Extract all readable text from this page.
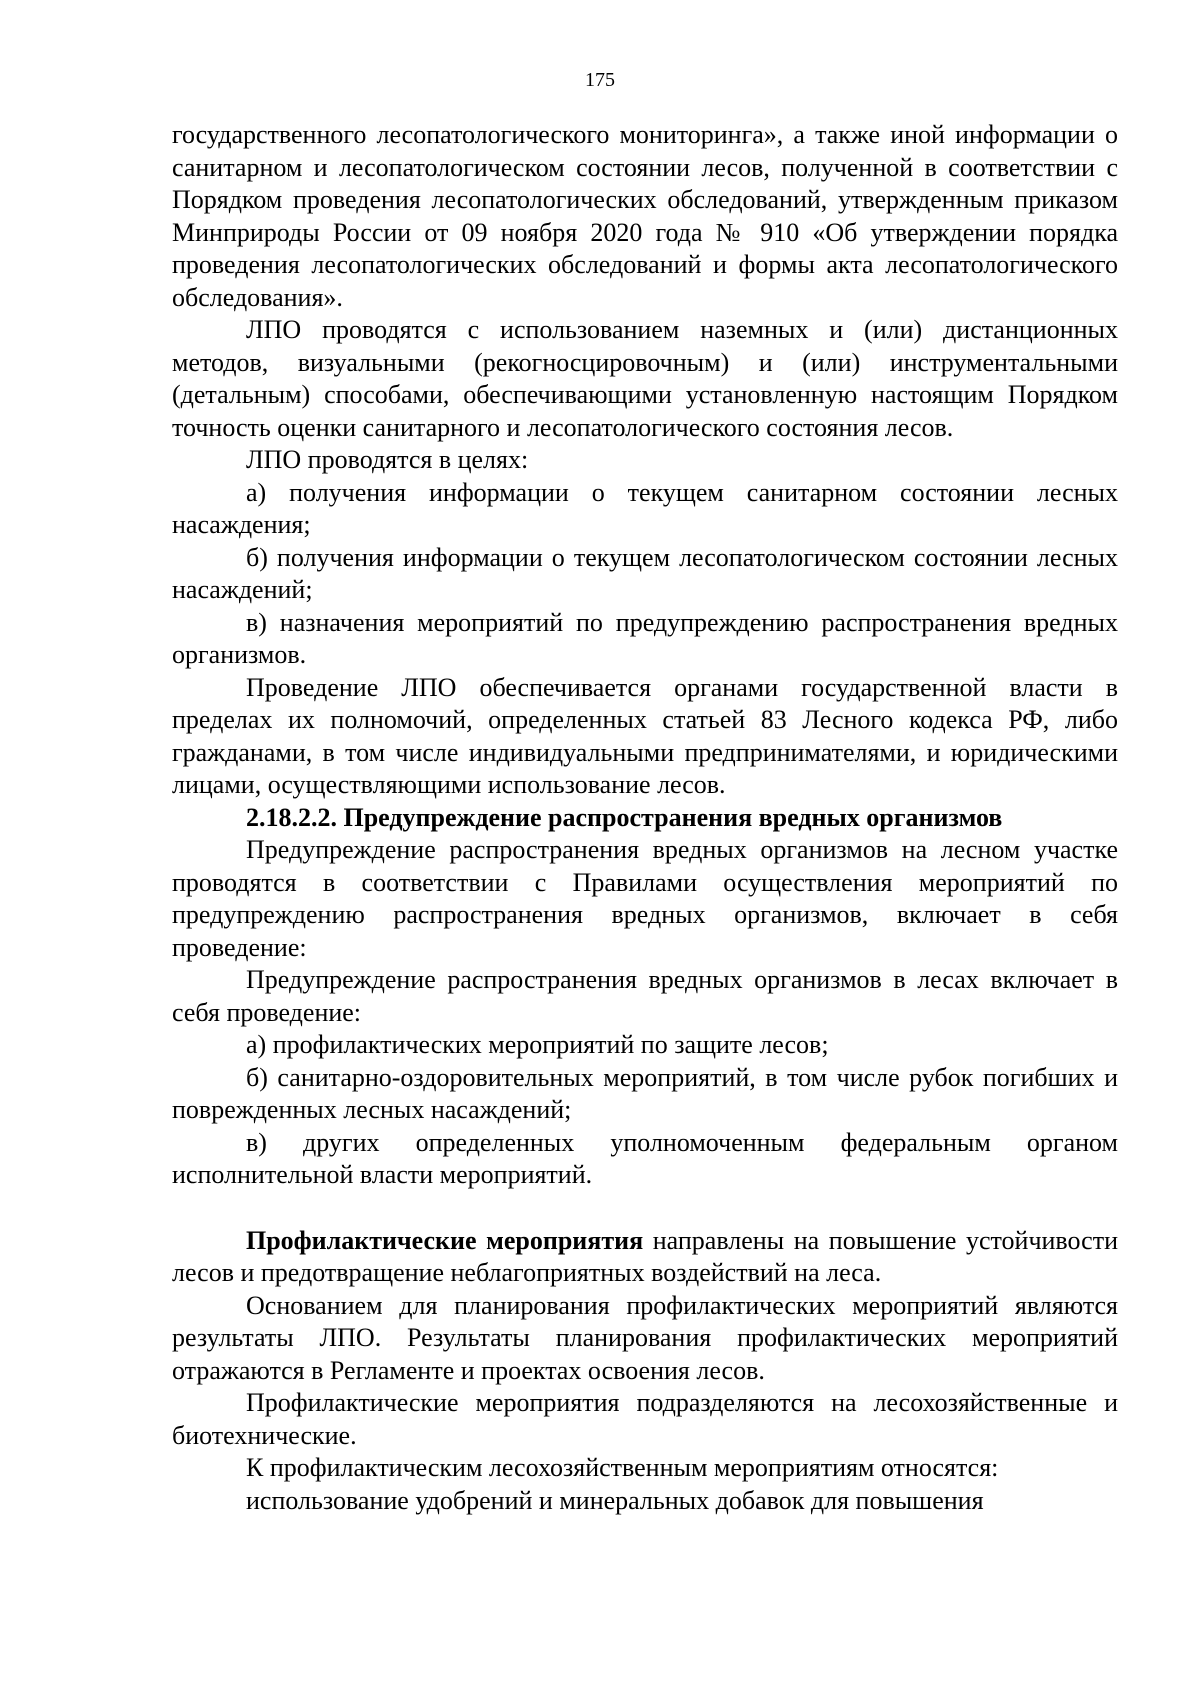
175

государственного лесопатологического мониторинга», а также иной информации о санитарном и лесопатологическом состоянии лесов, полученной в соответствии с Порядком проведения лесопатологических обследований, утвержденным приказом Минприроды России от 09 ноября 2020 года № 910 «Об утверждении порядка проведения лесопатологических обследований и формы акта лесопатологического обследования».

ЛПО проводятся с использованием наземных и (или) дистанционных методов, визуальными (рекогносцировочным) и (или) инструментальными (детальным) способами, обеспечивающими установленную настоящим Порядком точность оценки санитарного и лесопатологического состояния лесов.

ЛПО проводятся в целях:

а) получения информации о текущем санитарном состоянии лесных насаждения;

б) получения информации о текущем лесопатологическом состоянии лесных насаждений;

в) назначения мероприятий по предупреждению распространения вредных организмов.

Проведение ЛПО обеспечивается органами государственной власти в пределах их полномочий, определенных статьей 83 Лесного кодекса РФ, либо гражданами, в том числе индивидуальными предпринимателями, и юридическими лицами, осуществляющими использование лесов.

2.18.2.2. Предупреждение распространения вредных организмов

Предупреждение распространения вредных организмов на лесном участке проводятся в соответствии с Правилами осуществления мероприятий по предупреждению распространения вредных организмов, включает в себя проведение:

Предупреждение распространения вредных организмов в лесах включает в себя проведение:

а) профилактических мероприятий по защите лесов;

б) санитарно-оздоровительных мероприятий, в том числе рубок погибших и поврежденных лесных насаждений;

в) других определенных уполномоченным федеральным органом исполнительной власти мероприятий.

Профилактические мероприятия направлены на повышение устойчивости лесов и предотвращение неблагоприятных воздействий на леса.

Основанием для планирования профилактических мероприятий являются результаты ЛПО. Результаты планирования профилактических мероприятий отражаются в Регламенте и проектах освоения лесов.

Профилактические мероприятия подразделяются на лесохозяйственные и биотехнические.

К профилактическим лесохозяйственным мероприятиям относятся:

использование удобрений и минеральных добавок для повышения
